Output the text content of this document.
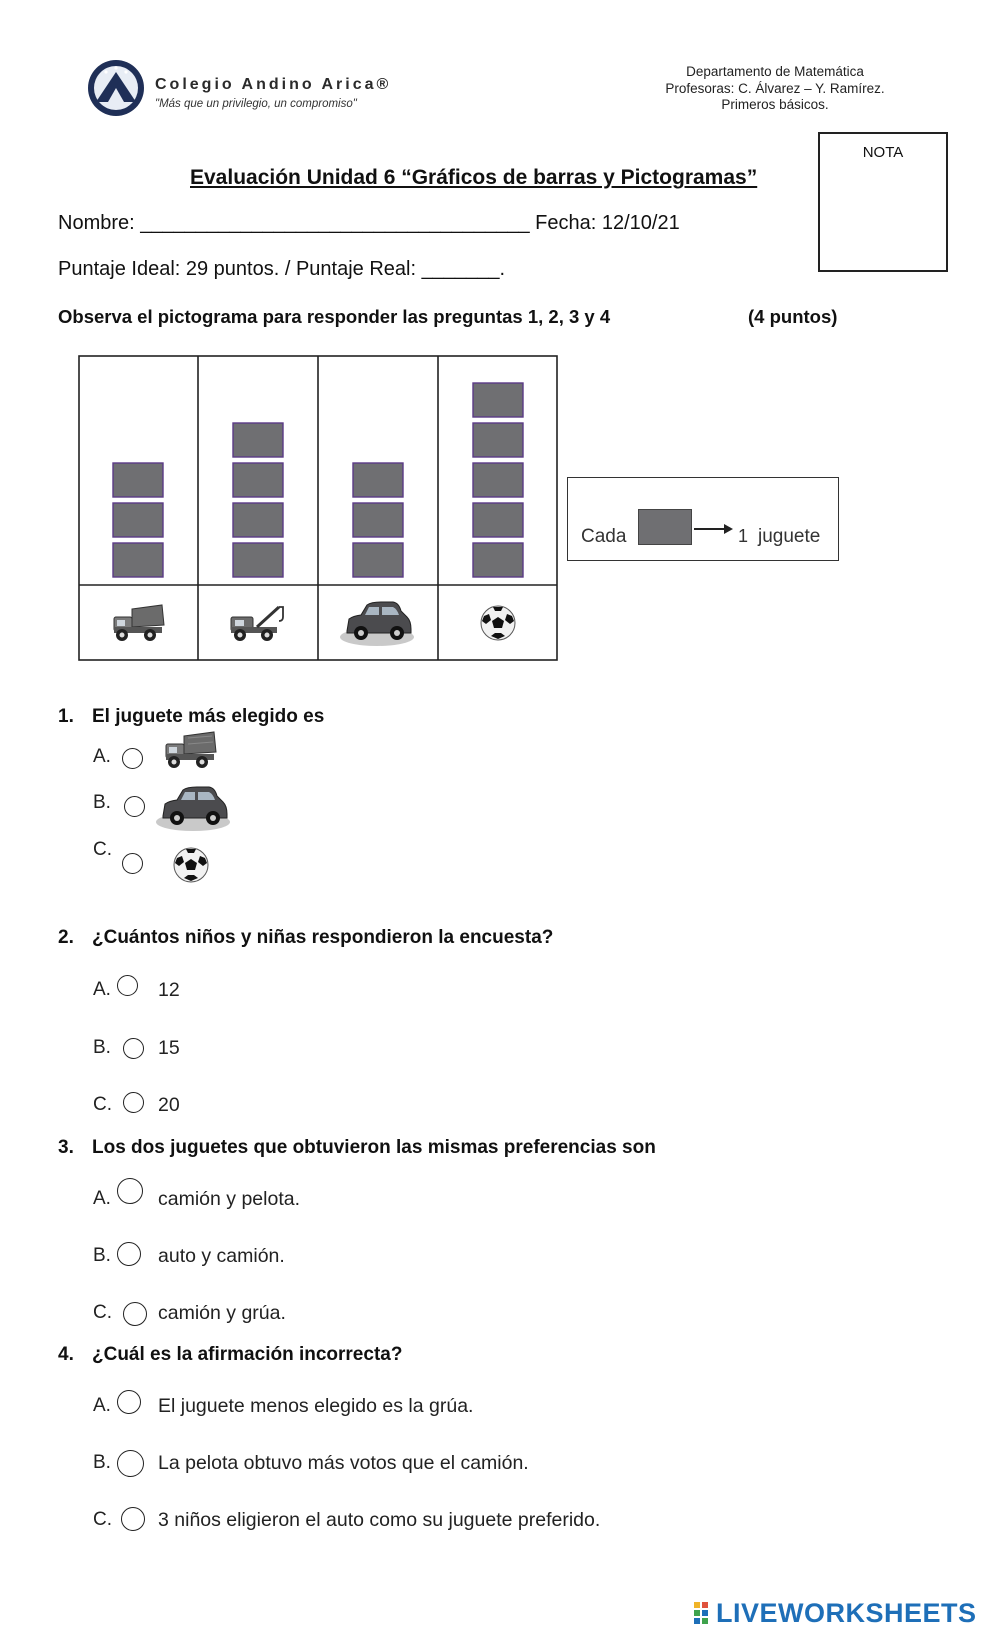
Colegio Andino Arica®
"Más que un privilegio, un compromiso"
Departamento de Matemática
Profesoras: C. Álvarez – Y. Ramírez.
Primeros básicos.
NOTA
Evaluación Unidad 6 “Gráficos de barras y Pictogramas”
Nombre: ___________________________________ Fecha: 12/10/21
Puntaje Ideal: 29 puntos. / Puntaje Real: _______.
Observa el pictograma para responder las preguntas 1, 2, 3 y 4	(4 puntos)
Cada	1 juguete
1. El juguete más elegido es
A.
B.
C.
2. ¿Cuántos niños y niñas respondieron la encuesta?
A. 12
B. 15
C. 20
3. Los dos juguetes que obtuvieron las mismas preferencias son
A. camión y pelota.
B. auto y camión.
C. camión y grúa.
4. ¿Cuál es la afirmación incorrecta?
A. El juguete menos elegido es la grúa.
B. La pelota obtuvo más votos que el camión.
C. 3 niños eligieron el auto como su juguete preferido.
LIVEWORKSHEETS
